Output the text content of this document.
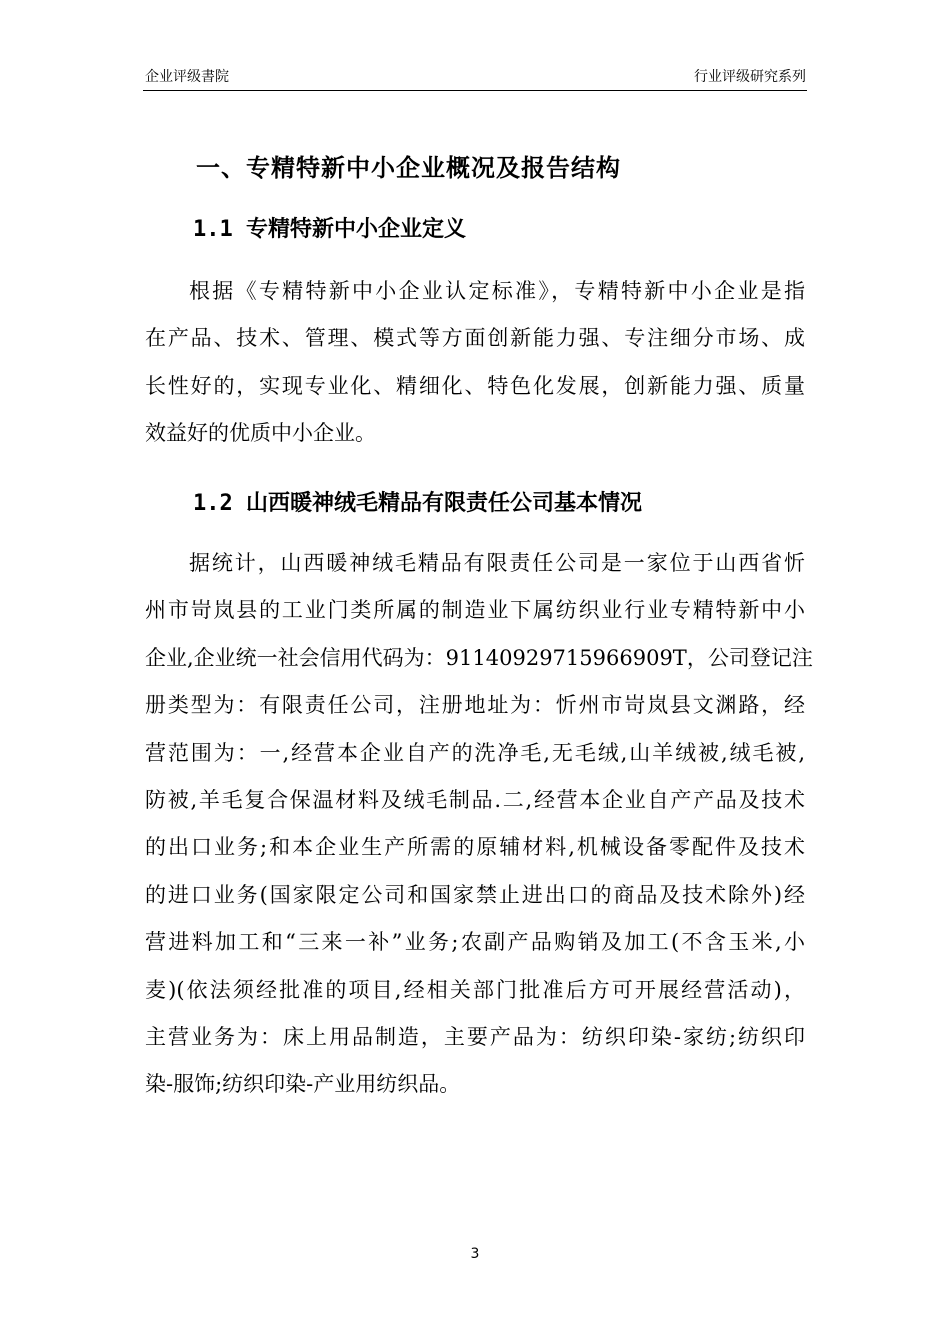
企业评级書院	行业评级研究系列
一、专精特新中小企业概况及报告结构
1.1 专精特新中小企业定义
根据《专精特新中小企业认定标准》，专精特新中小企业是指
在产品、技术、管理、模式等方面创新能力强、专注细分市场、成
长性好的，实现专业化、精细化、特色化发展，创新能力强、质量
效益好的优质中小企业。
1.2 山西暖神绒毛精品有限责任公司基本情况
据统计，山西暖神绒毛精品有限责任公司是一家位于山西省忻
州市岢岚县的工业门类所属的制造业下属纺织业行业专精特新中小
企业,企业统一社会信用代码为：91140929715966909T，公司登记注
册类型为：有限责任公司，注册地址为：忻州市岢岚县文渊路，经
营范围为：一,经营本企业自产的洗净毛,无毛绒,山羊绒被,绒毛被,
防被,羊毛复合保温材料及绒毛制品.二,经营本企业自产产品及技术
的出口业务;和本企业生产所需的原辅材料,机械设备零配件及技术
的进口业务(国家限定公司和国家禁止进出口的商品及技术除外)经
营进料加工和“三来一补”业务;农副产品购销及加工(不含玉米,小
麦)(依法须经批准的项目,经相关部门批准后方可开展经营活动)，
主营业务为：床上用品制造，主要产品为：纺织印染-家纺;纺织印
染-服饰;纺织印染-产业用纺织品。
3
